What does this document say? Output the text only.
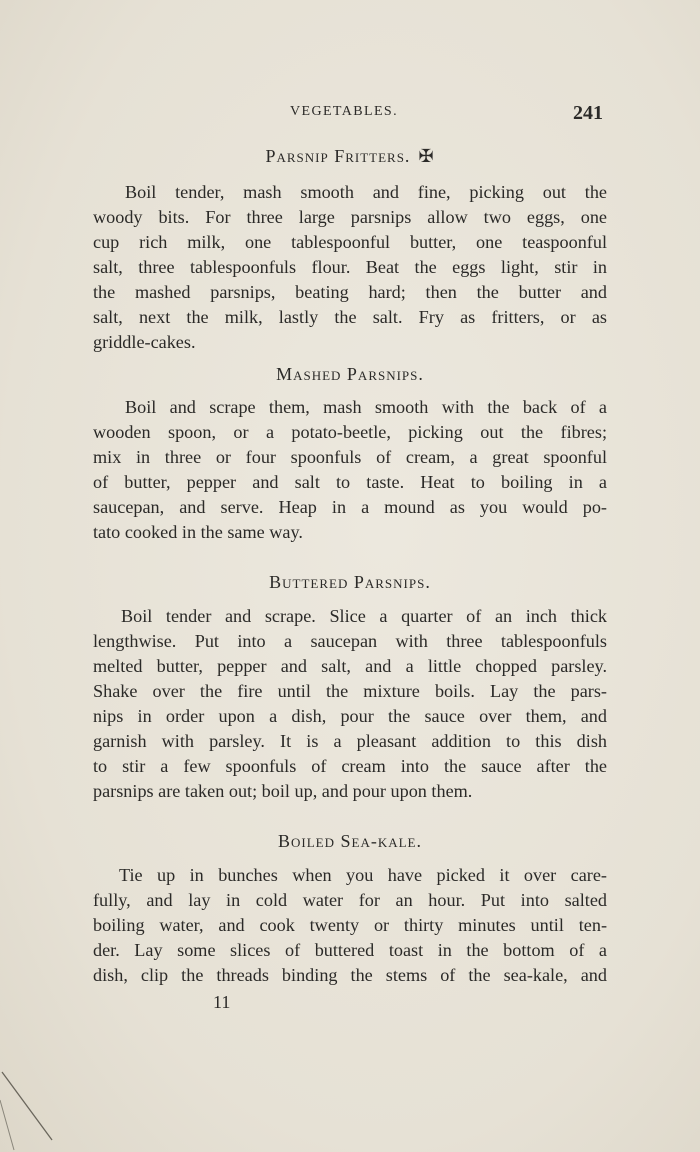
VEGETABLES.	241
Parsnip Fritters. ✠
Boil tender, mash smooth and fine, picking out the
woody bits. For three large parsnips allow two eggs, one
cup rich milk, one tablespoonful butter, one teaspoonful
salt, three tablespoonfuls flour. Beat the eggs light, stir in
the mashed parsnips, beating hard; then the butter and
salt, next the milk, lastly the salt. Fry as fritters, or as
griddle-cakes.
Mashed Parsnips.
Boil and scrape them, mash smooth with the back of a
wooden spoon, or a potato-beetle, picking out the fibres;
mix in three or four spoonfuls of cream, a great spoonful
of butter, pepper and salt to taste. Heat to boiling in a
saucepan, and serve. Heap in a mound as you would po-
tato cooked in the same way.
Buttered Parsnips.
Boil tender and scrape. Slice a quarter of an inch thick
lengthwise. Put into a saucepan with three tablespoonfuls
melted butter, pepper and salt, and a little chopped parsley.
Shake over the fire until the mixture boils. Lay the pars-
nips in order upon a dish, pour the sauce over them, and
garnish with parsley. It is a pleasant addition to this dish
to stir a few spoonfuls of cream into the sauce after the
parsnips are taken out; boil up, and pour upon them.
Boiled Sea-kale.
Tie up in bunches when you have picked it over care-
fully, and lay in cold water for an hour. Put into salted
boiling water, and cook twenty or thirty minutes until ten-
der. Lay some slices of buttered toast in the bottom of a
dish, clip the threads binding the stems of the sea-kale, and
11
